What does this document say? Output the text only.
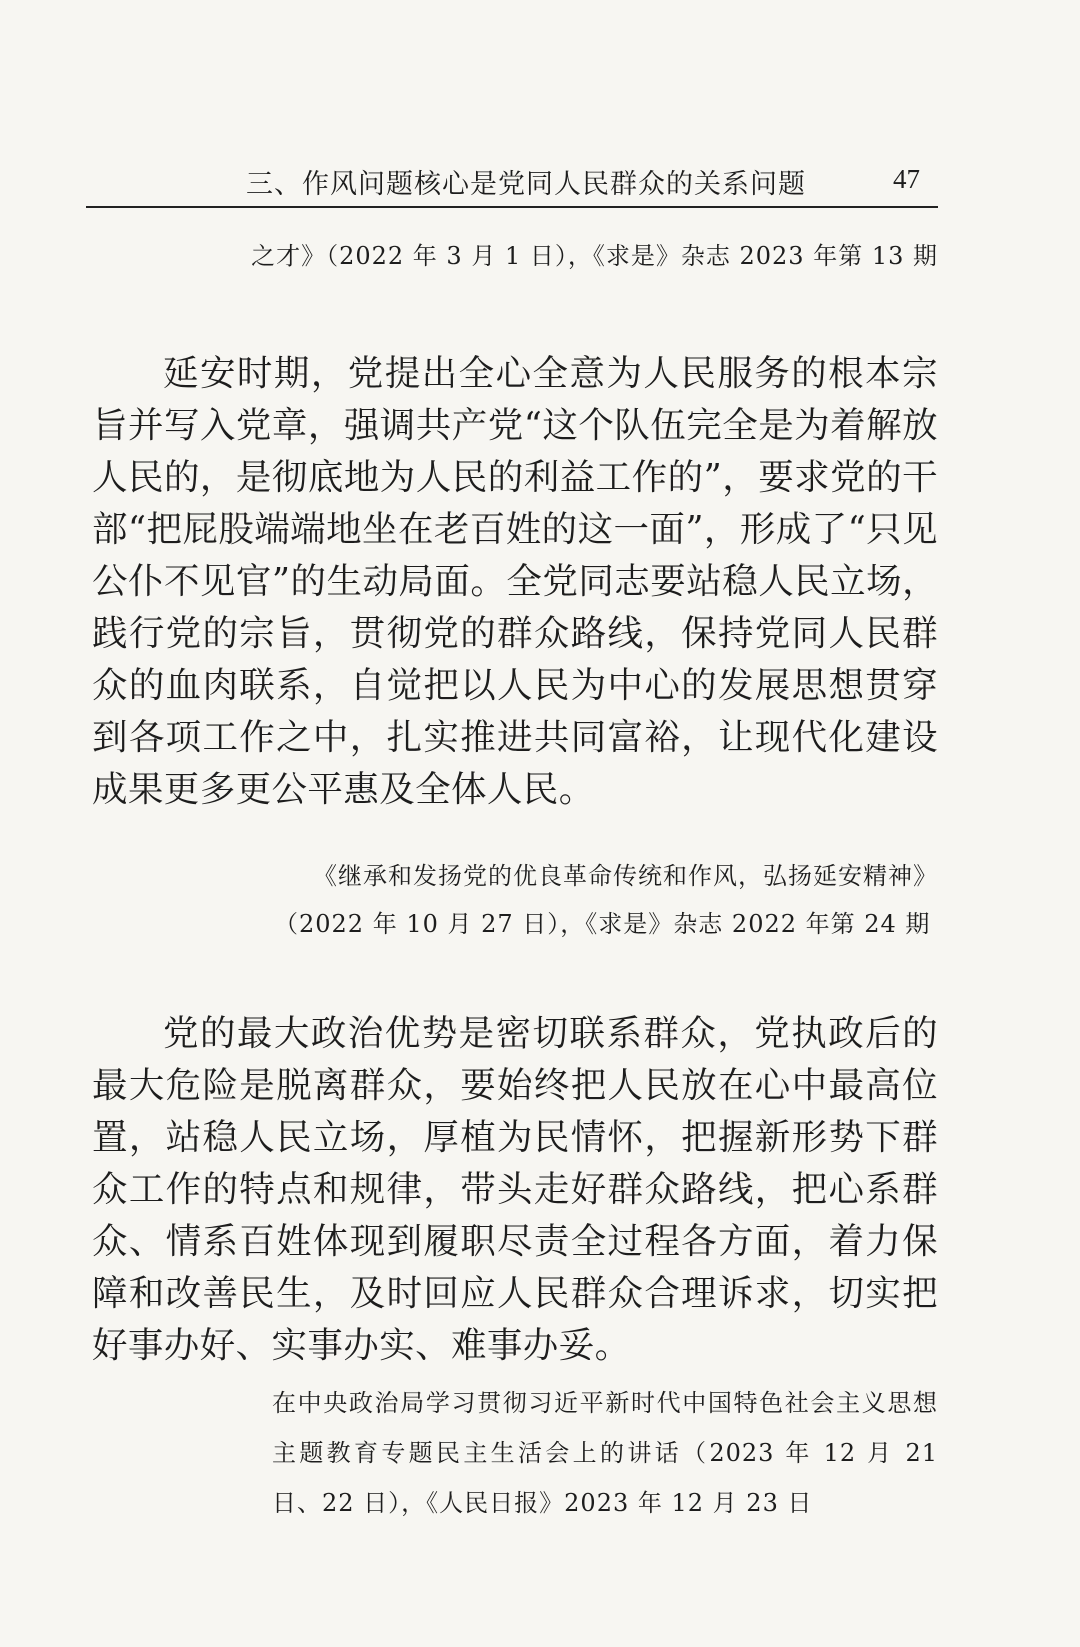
三、作风问题核心是党同人民群众的关系问题	47
之才》（2022 年 3 月 1 日），《求是》杂志 2023 年第 13 期

延安时期，党提出全心全意为人民服务的根本宗旨并写入党章，强调共产党“这个队伍完全是为着解放人民的，是彻底地为人民的利益工作的”，要求党的干部“把屁股端端地坐在老百姓的这一面”，形成了“只见公仆不见官”的生动局面。全党同志要站稳人民立场，践行党的宗旨，贯彻党的群众路线，保持党同人民群众的血肉联系，自觉把以人民为中心的发展思想贯穿到各项工作之中，扎实推进共同富裕，让现代化建设成果更多更公平惠及全体人民。

《继承和发扬党的优良革命传统和作风，弘扬延安精神》
（2022 年 10 月 27 日），《求是》杂志 2022 年第 24 期

党的最大政治优势是密切联系群众，党执政后的最大危险是脱离群众，要始终把人民放在心中最高位置，站稳人民立场，厚植为民情怀，把握新形势下群众工作的特点和规律，带头走好群众路线，把心系群众、情系百姓体现到履职尽责全过程各方面，着力保障和改善民生，及时回应人民群众合理诉求，切实把好事办好、实事办实、难事办妥。

在中央政治局学习贯彻习近平新时代中国特色社会主义思想主题教育专题民主生活会上的讲话（2023 年 12 月 21 日、22 日），《人民日报》2023 年 12 月 23 日
